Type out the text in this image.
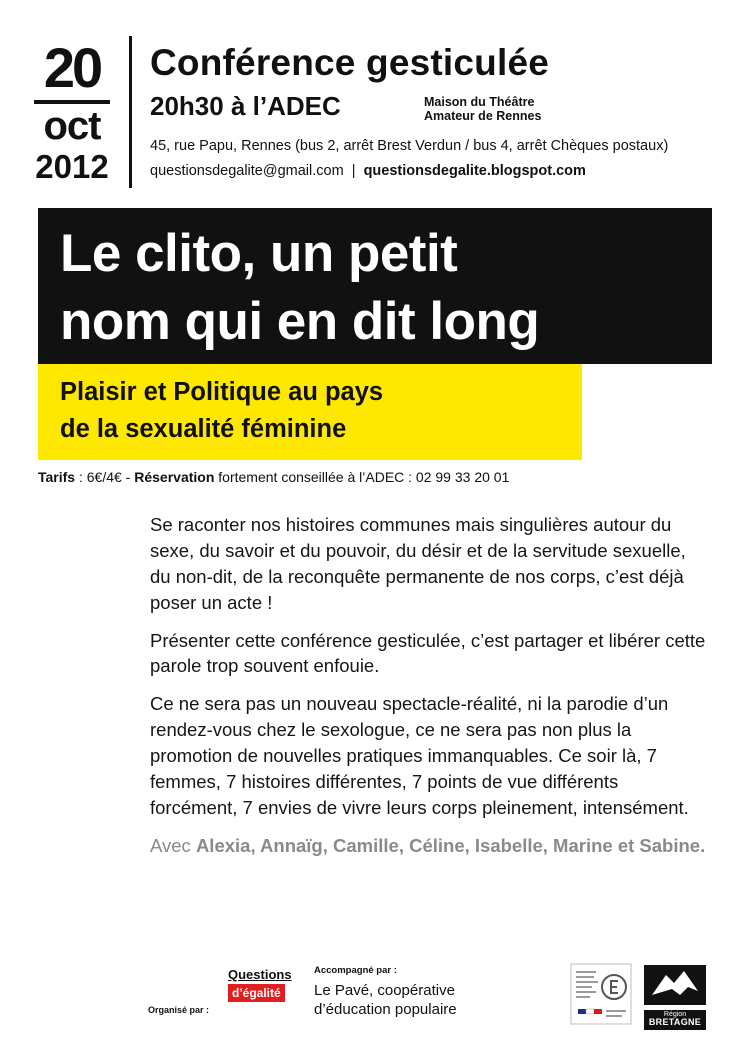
20
oct
2012
Conférence gesticulée
20h30 à l’ADEC	Maison du Théâtre
Amateur de Rennes
45, rue Papu, Rennes (bus 2, arrêt Brest Verdun / bus 4, arrêt Chèques postaux)
questionsdegalite@gmail.com | questionsdegalite.blogspot.com
Le clito, un petit
nom qui en dit long
Plaisir et Politique au pays
de la sexualité féminine
Tarifs : 6€/4€ - Réservation fortement conseillée à l’ADEC : 02 99 33 20 01

Se raconter nos histoires communes mais singulières autour du sexe, du savoir et du pouvoir, du désir et de la servitude sexuelle, du non-dit, de la reconquête permanente de nos corps, c’est déjà poser un acte !

Présenter cette conférence gesticulée, c’est partager et libérer cette parole trop souvent enfouie.

Ce ne sera pas un nouveau spectacle-réalité, ni la parodie d’un rendez-vous chez le sexologue, ce ne sera pas non plus la promotion de nouvelles pratiques immanquables. Ce soir là, 7 femmes, 7 histoires différentes, 7 points de vue différents forcément, 7 envies de vivre leurs corps pleinement, intensément.

Avec Alexia, Annaïg, Camille, Céline, Isabelle, Marine et Sabine.

Organisé par :
Questions
d’égalité
Accompagné par :
Le Pavé, coopérative
d’éducation populaire	Région
BRETAGNE
